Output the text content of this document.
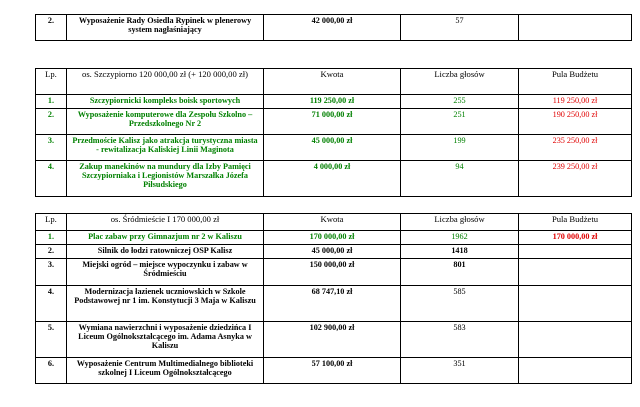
2.	Wyposażenie Rady Osiedla Rypinek w plenerowy system nagłaśniający	42 000,00 zł	57	
Lp.	os. Szczypiorno 120 000,00 zł (+ 120 000,00 zł)	Kwota	Liczba głosów	Pula Budżetu
1.	Szczypiornicki kompleks boisk sportowych	119 250,00 zł	255	119 250,00 zł
2.	Wyposażenie komputerowe dla Zespołu Szkolno – Przedszkolnego Nr 2	71 000,00 zł	251	190 250,00 zł
3.	Przedmoście Kalisz jako atrakcja turystyczna miasta - rewitalizacja Kaliskiej Linii Maginota	45 000,00 zł	199	235 250,00 zł
4.	Zakup manekinów na mundury dla Izby Pamięci Szczypiorniaka i Legionistów Marszałka Józefa Piłsudskiego	4 000,00 zł	94	239 250,00 zł
Lp.	os. Śródmieście I 170 000,00 zł	Kwota	Liczba głosów	Pula Budżetu
1.	Plac zabaw przy Gimnazjum nr 2 w Kaliszu	170 000,00 zł	1962	170 000,00 zł
2.	Silnik do łodzi ratowniczej OSP Kalisz	45 000,00 zł	1418	
3.	Miejski ogród – miejsce wypoczynku i zabaw w Śródmieściu	150 000,00 zł	801	
4.	Modernizacja łazienek uczniowskich w Szkole Podstawowej nr 1 im. Konstytucji 3 Maja w Kaliszu	68 747,10 zł	585	
5.	Wymiana nawierzchni i wyposażenie dziedzińca I Liceum Ogólnokształcącego im. Adama Asnyka w Kaliszu	102 900,00 zł	583	
6.	Wyposażenie Centrum Multimedialnego biblioteki szkolnej I Liceum Ogólnokształcącego	57 100,00 zł	351	
